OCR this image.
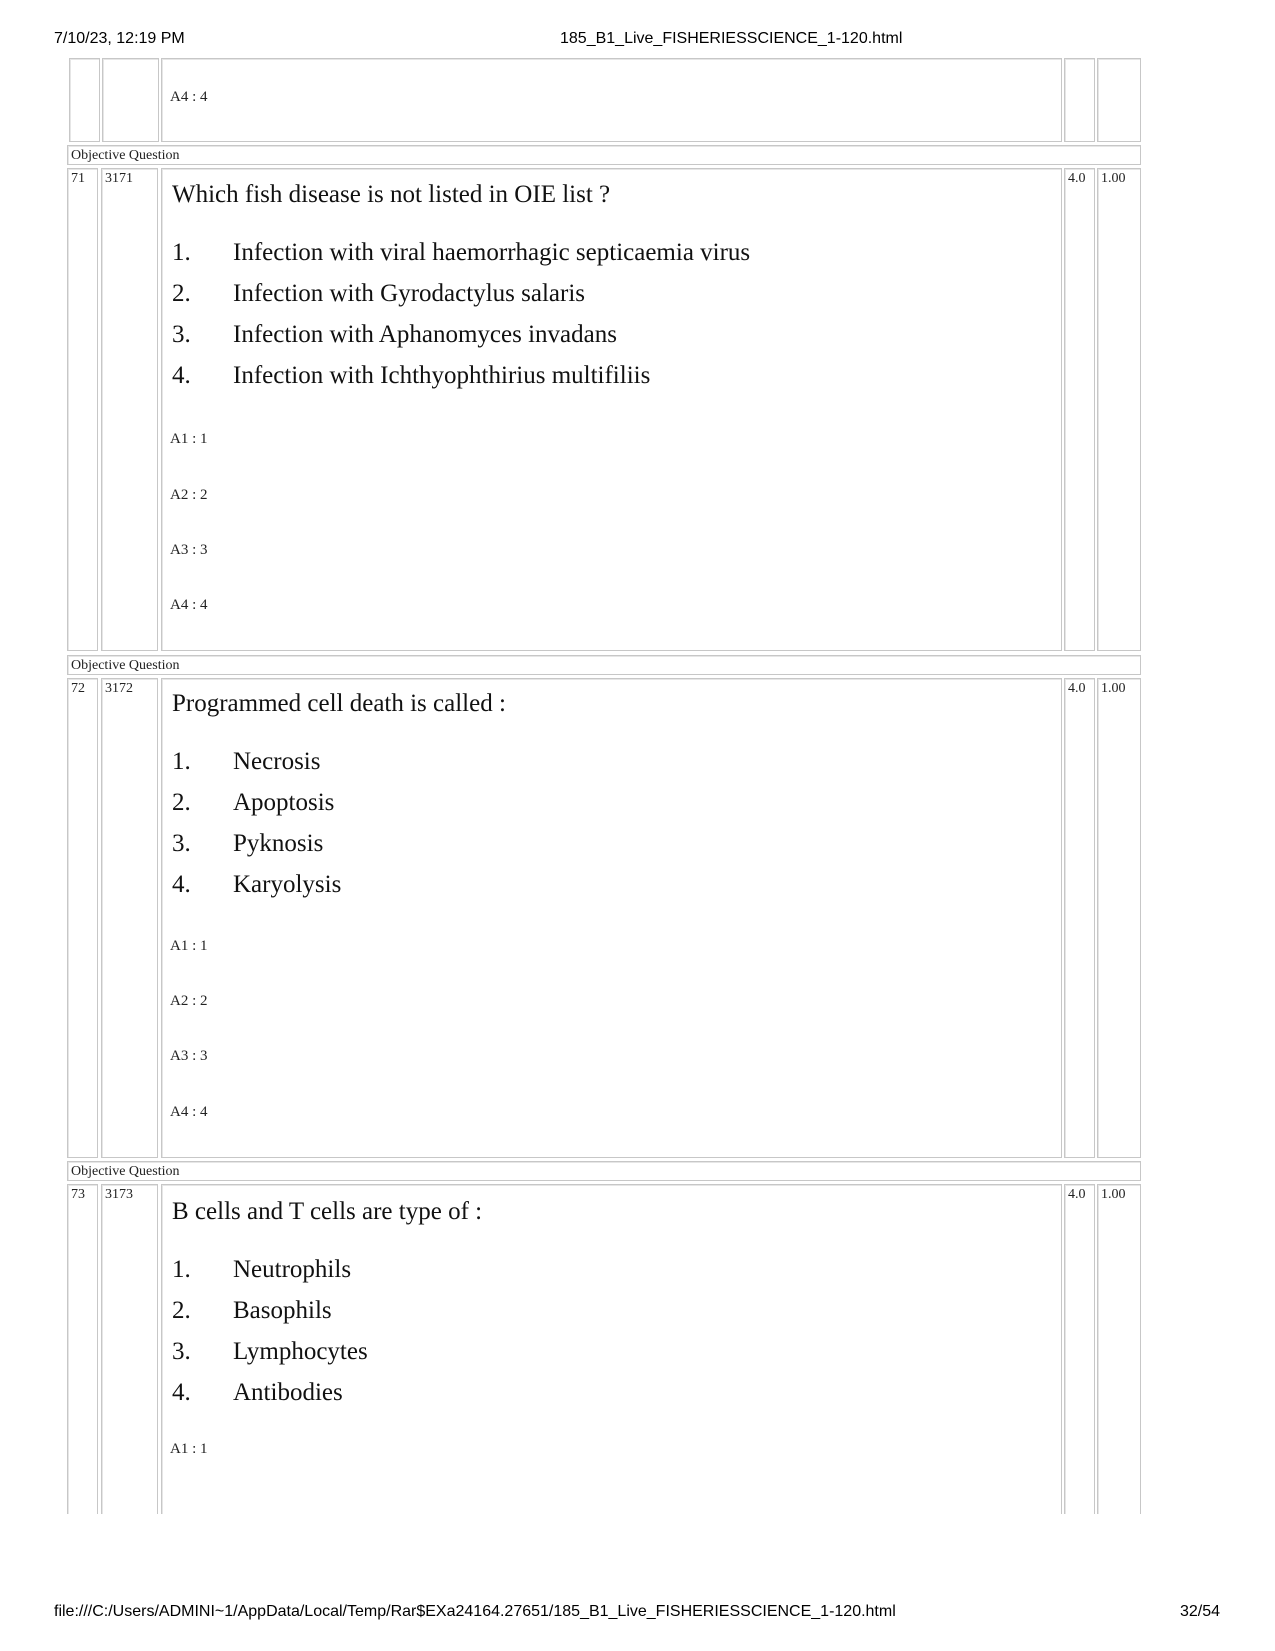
7/10/23, 12:19 PM	185_B1_Live_FISHERIESSCIENCE_1-120.html
A4 : 4
Objective Question
71	3171	4.0	1.00
Which fish disease is not listed in OIE list ?
1. Infection with viral haemorrhagic septicaemia virus
2. Infection with Gyrodactylus salaris
3. Infection with Aphanomyces invadans
4. Infection with Ichthyophthirius multifiliis
A1 : 1
A2 : 2
A3 : 3
A4 : 4
Objective Question
72	3172	4.0	1.00
Programmed cell death is called :
1. Necrosis
2. Apoptosis
3. Pyknosis
4. Karyolysis
A1 : 1
A2 : 2
A3 : 3
A4 : 4
Objective Question
73	3173	4.0	1.00
B cells and T cells are type of :
1. Neutrophils
2. Basophils
3. Lymphocytes
4. Antibodies
A1 : 1
file:///C:/Users/ADMINI~1/AppData/Local/Temp/Rar$EXa24164.27651/185_B1_Live_FISHERIESSCIENCE_1-120.html	32/54
